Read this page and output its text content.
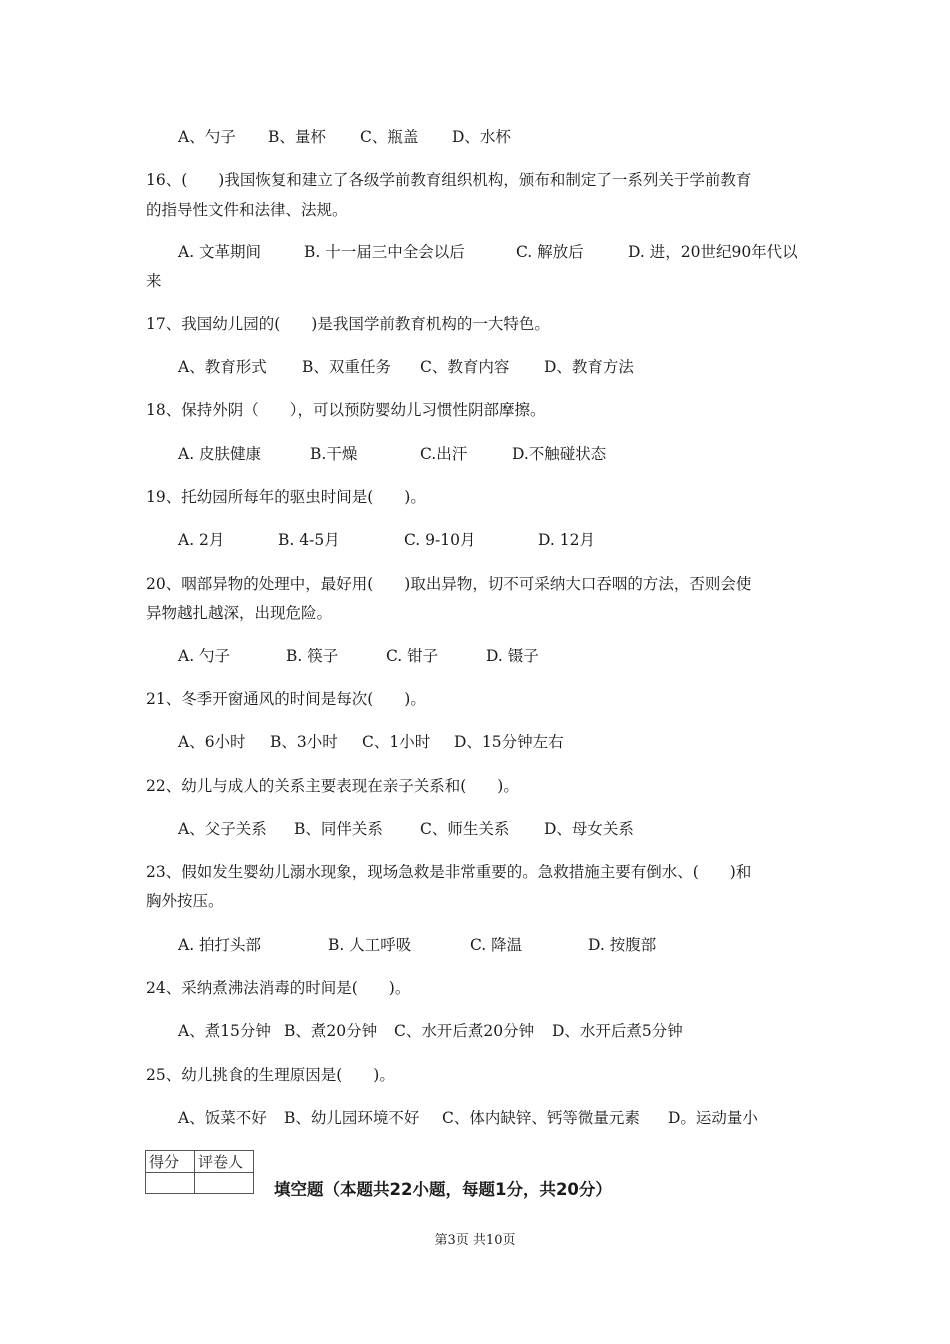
A、勺子 B、量杯 C、瓶盖 D、水杯
16、(　　)我国恢复和建立了各级学前教育组织机构，颁布和制定了一系列关于学前教育
的指导性文件和法律、法规。
A. 文革期间	B. 十一届三中全会以后	C. 解放后	D. 进，20世纪90年代以
来
17、我国幼儿园的(　　)是我国学前教育机构的一大特色。
A、教育形式 B、双重任务 C、教育内容 D、教育方法
18、保持外阴（　　），可以预防婴幼儿习惯性阴部摩擦。
A. 皮肤健康	B.干燥	C.出汗	D.不触碰状态
19、托幼园所每年的驱虫时间是(　　)。
A. 2月	B. 4-5月	C. 9-10月	D. 12月
20、咽部异物的处理中，最好用(　　)取出异物，切不可采纳大口吞咽的方法，否则会使
异物越扎越深，出现危险。
A. 勺子	B. 筷子	C. 钳子	D. 镊子
21、冬季开窗通风的时间是每次(　　)。
A、6小时 B、3小时 C、1小时 D、15分钟左右
22、幼儿与成人的关系主要表现在亲子关系和(　　)。
A、父子关系 B、同伴关系 C、师生关系 D、母女关系
23、假如发生婴幼儿溺水现象，现场急救是非常重要的。急救措施主要有倒水、(　　)和
胸外按压。
A. 拍打头部	B. 人工呼吸	C. 降温	D. 按腹部
24、采纳煮沸法消毒的时间是(　　)。
A、煮15分钟 B、煮20分钟 C、水开后煮20分钟 D、水开后煮5分钟
25、幼儿挑食的生理原因是(　　)。
A、饭菜不好 B、幼儿园环境不好 C、体内缺锌、钙等微量元素 D。运动量小
得分	评卷人

填空题（本题共22小题，每题1分，共20分）
第3页 共10页
